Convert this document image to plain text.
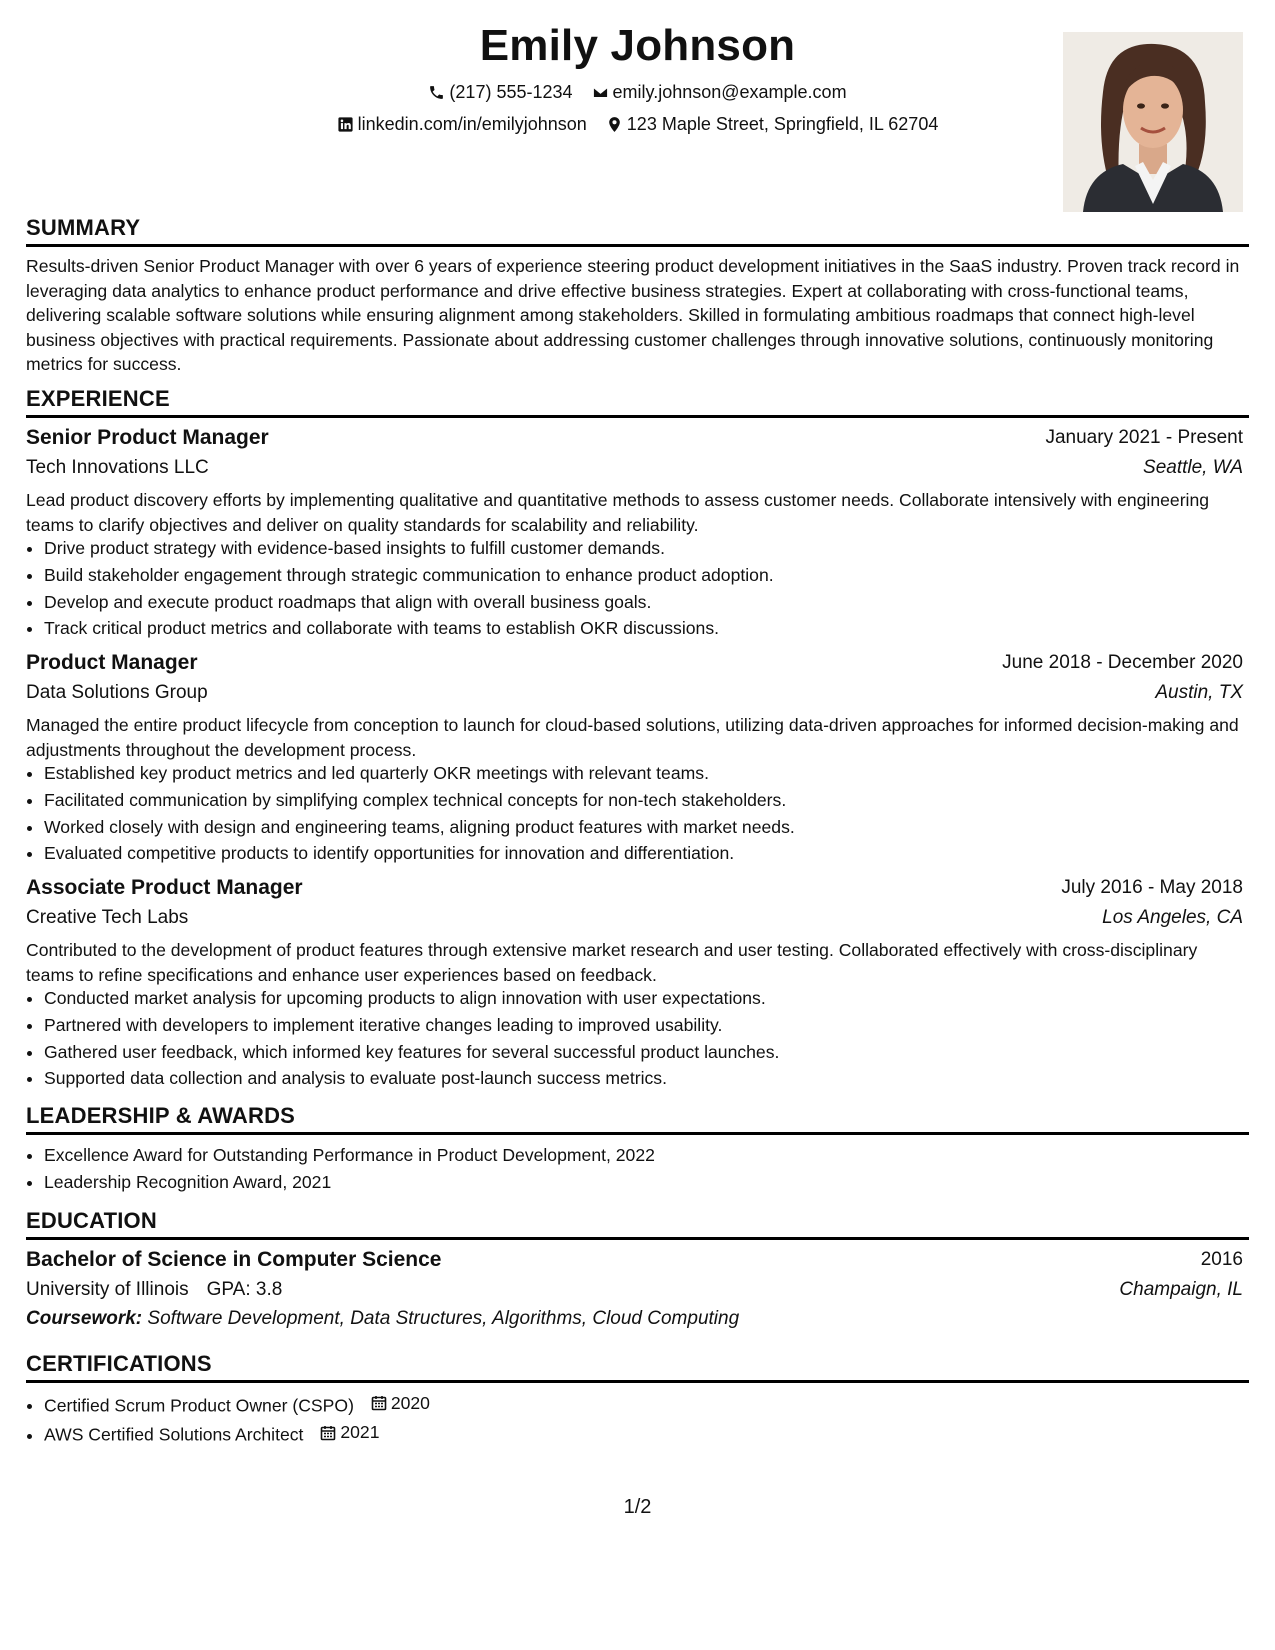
Emily Johnson
(217) 555-1234
emily.johnson@example.com
linkedin.com/in/emilyjohnson
123 Maple Street, Springfield, IL 62704
SUMMARY
Results-driven Senior Product Manager with over 6 years of experience steering product development initiatives in the SaaS industry. Proven track record in leveraging data analytics to enhance product performance and drive effective business strategies. Expert at collaborating with cross-functional teams, delivering scalable software solutions while ensuring alignment among stakeholders. Skilled in formulating ambitious roadmaps that connect high-level business objectives with practical requirements. Passionate about addressing customer challenges through innovative solutions, continuously monitoring metrics for success.
EXPERIENCE
Senior Product Manager	January 2021 - Present
Tech Innovations LLC	Seattle, WA
Lead product discovery efforts by implementing qualitative and quantitative methods to assess customer needs. Collaborate intensively with engineering teams to clarify objectives and deliver on quality standards for scalability and reliability.
• Drive product strategy with evidence-based insights to fulfill customer demands.
• Build stakeholder engagement through strategic communication to enhance product adoption.
• Develop and execute product roadmaps that align with overall business goals.
• Track critical product metrics and collaborate with teams to establish OKR discussions.
Product Manager	June 2018 - December 2020
Data Solutions Group	Austin, TX
Managed the entire product lifecycle from conception to launch for cloud-based solutions, utilizing data-driven approaches for informed decision-making and adjustments throughout the development process.
• Established key product metrics and led quarterly OKR meetings with relevant teams.
• Facilitated communication by simplifying complex technical concepts for non-tech stakeholders.
• Worked closely with design and engineering teams, aligning product features with market needs.
• Evaluated competitive products to identify opportunities for innovation and differentiation.
Associate Product Manager	July 2016 - May 2018
Creative Tech Labs	Los Angeles, CA
Contributed to the development of product features through extensive market research and user testing. Collaborated effectively with cross-disciplinary teams to refine specifications and enhance user experiences based on feedback.
• Conducted market analysis for upcoming products to align innovation with user expectations.
• Partnered with developers to implement iterative changes leading to improved usability.
• Gathered user feedback, which informed key features for several successful product launches.
• Supported data collection and analysis to evaluate post-launch success metrics.
LEADERSHIP & AWARDS
• Excellence Award for Outstanding Performance in Product Development, 2022
• Leadership Recognition Award, 2021
EDUCATION
Bachelor of Science in Computer Science	2016
University of Illinois GPA: 3.8	Champaign, IL
Coursework: Software Development, Data Structures, Algorithms, Cloud Computing
CERTIFICATIONS
• Certified Scrum Product Owner (CSPO) 2020
• AWS Certified Solutions Architect 2021
1/2
